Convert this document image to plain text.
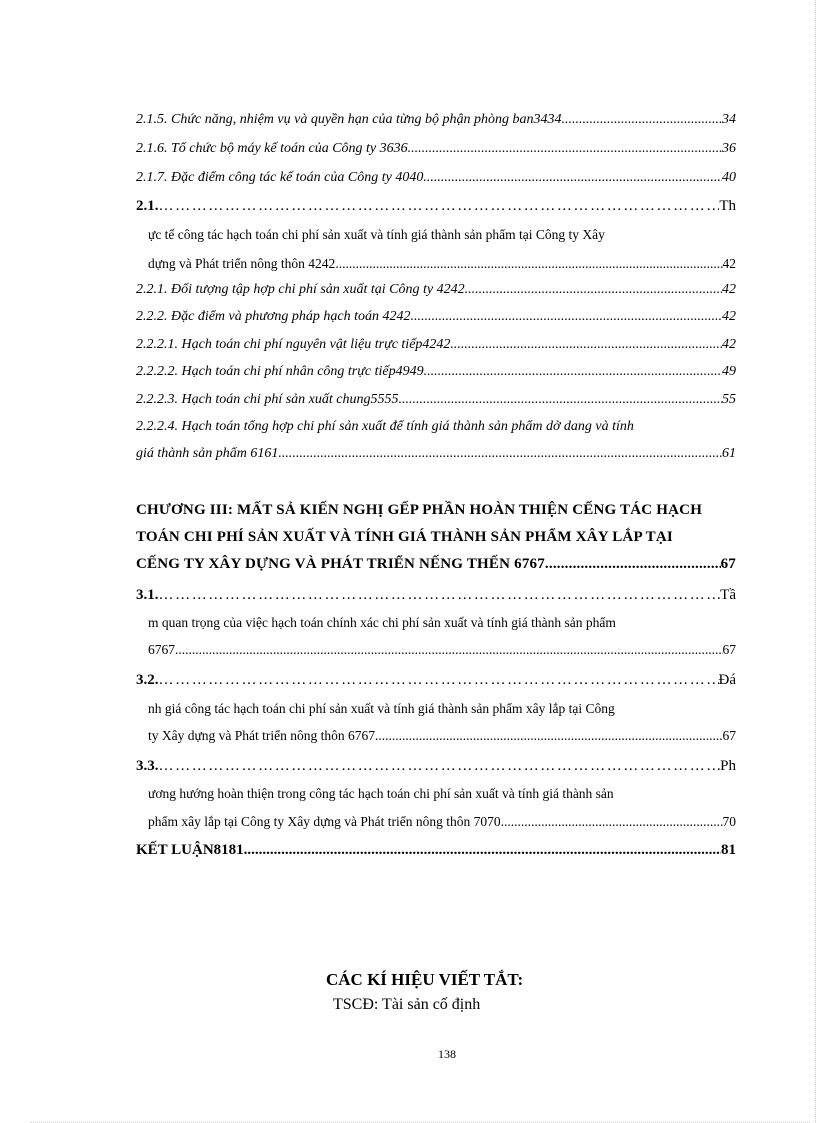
2.1.5. Chức năng, nhiệm vụ và quyền hạn của từng bộ phận phòng ban3434 .....	34
2.1.6. Tổ chức bộ máy kế toán của Công ty 3636 .....	36
2.1.7. Đặc điểm công tác kế toán của Công ty 4040 .....	40
2.1. ……………………………………………………………………………………………………………………………………………………………………………………………………………………………………	Th
ực tế công tác hạch toán chi phí sản xuất và tính giá thành sản phẩm tại Công ty Xây
dựng và Phát triển nông thôn 4242 .....	42
2.2.1. Đối tượng tập hợp chi phí sản xuất tại Công ty 4242 .....	42
2.2.2. Đặc điểm và phương pháp hạch toán 4242 .....	42
2.2.2.1. Hạch toán chi phí nguyên vật liệu trực tiếp4242 .....	42
2.2.2.2. Hạch toán chi phí nhân công trực tiếp4949 .....	49
2.2.2.3. Hạch toán chi phí sản xuất chung5555 .....	55
2.2.2.4. Hạch toán tổng hợp chi phí sản xuất để tính giá thành sản phẩm dở dang và tính
giá thành sản phẩm 6161 .....	61
CHƯƠNG III: MẤT SẢ KIẾN NGHỊ GẾP PHẦN HOÀN THIỆN CẾNG TÁC HẠCH
TOÁN CHI PHÍ SẢN XUẤT VÀ TÍNH GIÁ THÀNH SẢN PHẨM XÂY LẮP TẠI
CẾNG TY XÂY DỰNG VÀ PHÁT TRIỂN NẾNG THẾN 6767 .....	67
3.1. ……………………………………………………………………………………………………………………………………………………………………………………………………………………………………	Tầ
m quan trọng của việc hạch toán chính xác chi phí sản xuất và tính giá thành sản phẩm
6767 .....	67
3.2. ……………………………………………………………………………………………………………………………………………………………………………………………………………………………………	Đá
nh giá công tác hạch toán chi phí sản xuất và tính giá thành sản phẩm xây lắp tại Công
ty Xây dựng và Phát triển nông thôn 6767 .....	67
3.3. ……………………………………………………………………………………………………………………………………………………………………………………………………………………………………	Ph
ương hướng hoàn thiện trong công tác hạch toán chi phí sản xuất và tính giá thành sản
phẩm xây lắp tại Công ty Xây dựng và Phát triển nông thôn 7070 .....	70
KẾT LUẬN8181 .....	81
CÁC KÍ HIỆU VIẾT TẮT:
TSCĐ: Tài sản cố định
138
